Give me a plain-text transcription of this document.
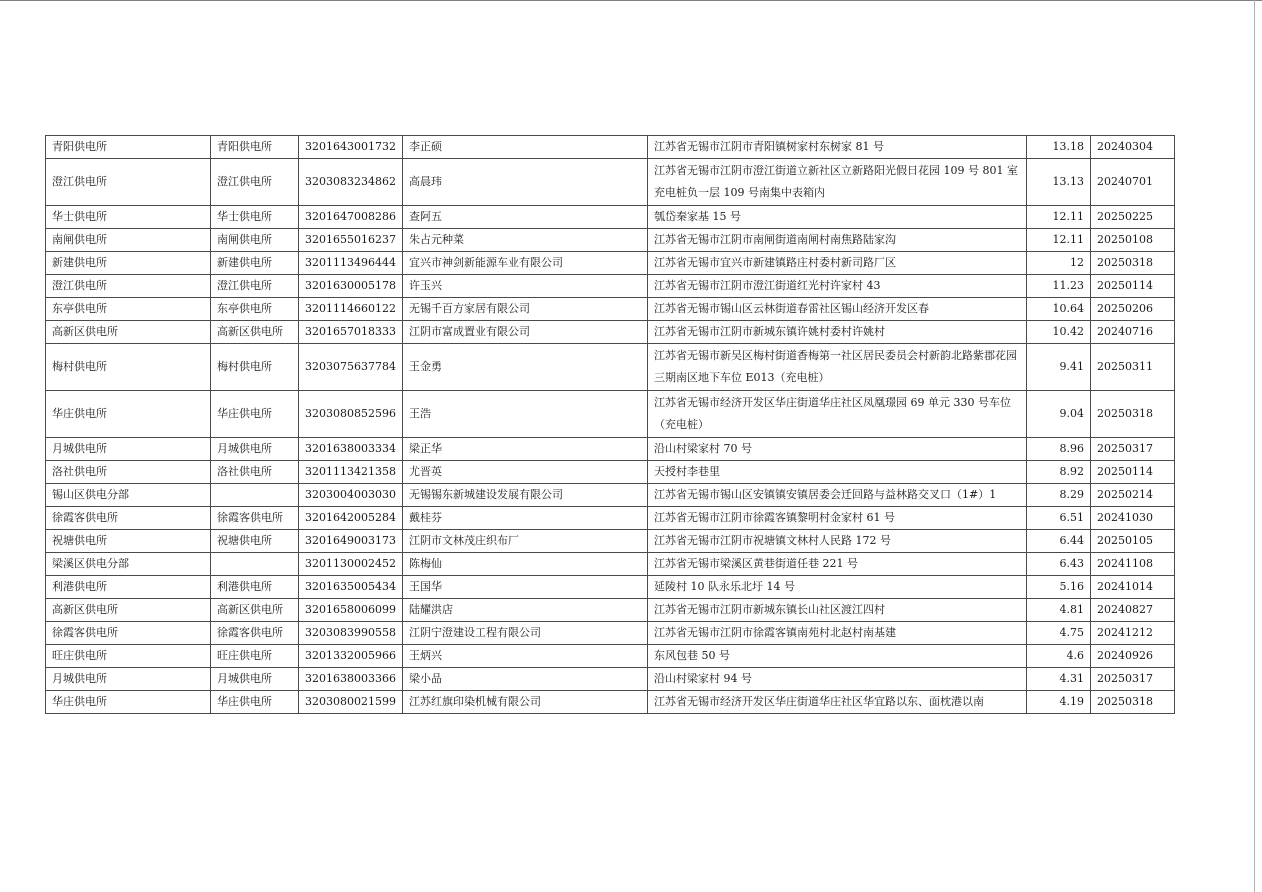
青阳供电所	青阳供电所	3201643001732	李正硕	江苏省无锡市江阴市青阳镇树家村东树家 81 号	13.18	20240304
澄江供电所	澄江供电所	3203083234862	高晨玮	江苏省无锡市江阴市澄江街道立新社区立新路阳光假日花园 109 号 801 室充电桩负一层 109 号南集中表箱内	13.13	20240701
华士供电所	华士供电所	3201647008286	查阿五	瓠岱秦家基 15 号	12.11	20250225
南闸供电所	南闸供电所	3201655016237	朱占元种菜	江苏省无锡市江阴市南闸街道南闸村南焦路陆家沟	12.11	20250108
新建供电所	新建供电所	3201113496444	宜兴市神剑新能源车业有限公司	江苏省无锡市宜兴市新建镇路庄村委村新司路厂区	12	20250318
澄江供电所	澄江供电所	3201630005178	许玉兴	江苏省无锡市江阴市澄江街道红光村许家村 43	11.23	20250114
东亭供电所	东亭供电所	3201114660122	无锡千百方家居有限公司	江苏省无锡市锡山区云林街道春雷社区锡山经济开发区春	10.64	20250206
高新区供电所	高新区供电所	3201657018333	江阴市富成置业有限公司	江苏省无锡市江阴市新城东镇许姚村委村许姚村	10.42	20240716
梅村供电所	梅村供电所	3203075637784	王金勇	江苏省无锡市新吴区梅村街道香梅第一社区居民委员会村新韵北路紫郡花园三期南区地下车位 E013（充电桩）	9.41	20250311
华庄供电所	华庄供电所	3203080852596	王浩	江苏省无锡市经济开发区华庄街道华庄社区凤凰璟园 69 单元 330 号车位（充电桩）	9.04	20250318
月城供电所	月城供电所	3201638003334	梁正华	沿山村梁家村 70 号	8.96	20250317
洛社供电所	洛社供电所	3201113421358	尤晋英	天授村李巷里	8.92	20250114
锡山区供电分部		3203004003030	无锡锡东新城建设发展有限公司	江苏省无锡市锡山区安镇镇安镇居委会迁回路与益林路交叉口（1#）1	8.29	20250214
徐霞客供电所	徐霞客供电所	3201642005284	戴桂芬	江苏省无锡市江阴市徐霞客镇黎明村金家村 61 号	6.51	20241030
祝塘供电所	祝塘供电所	3201649003173	江阴市文林茂庄织布厂	江苏省无锡市江阴市祝塘镇文林村人民路 172 号	6.44	20250105
梁溪区供电分部		3201130002452	陈梅仙	江苏省无锡市梁溪区黄巷街道任巷 221 号	6.43	20241108
利港供电所	利港供电所	3201635005434	王国华	延陵村 10 队永乐北圩 14 号	5.16	20241014
高新区供电所	高新区供电所	3201658006099	陆耀洪店	江苏省无锡市江阴市新城东镇长山社区渡江四村	4.81	20240827
徐霞客供电所	徐霞客供电所	3203083990558	江阴宁澄建设工程有限公司	江苏省无锡市江阴市徐霞客镇南苑村北赵村南基建	4.75	20241212
旺庄供电所	旺庄供电所	3201332005966	王炳兴	东风包巷 50 号	4.6	20240926
月城供电所	月城供电所	3201638003366	梁小品	沿山村梁家村 94 号	4.31	20250317
华庄供电所	华庄供电所	3203080021599	江苏红旗印染机械有限公司	江苏省无锡市经济开发区华庄街道华庄社区华宜路以东、面枕港以南	4.19	20250318
